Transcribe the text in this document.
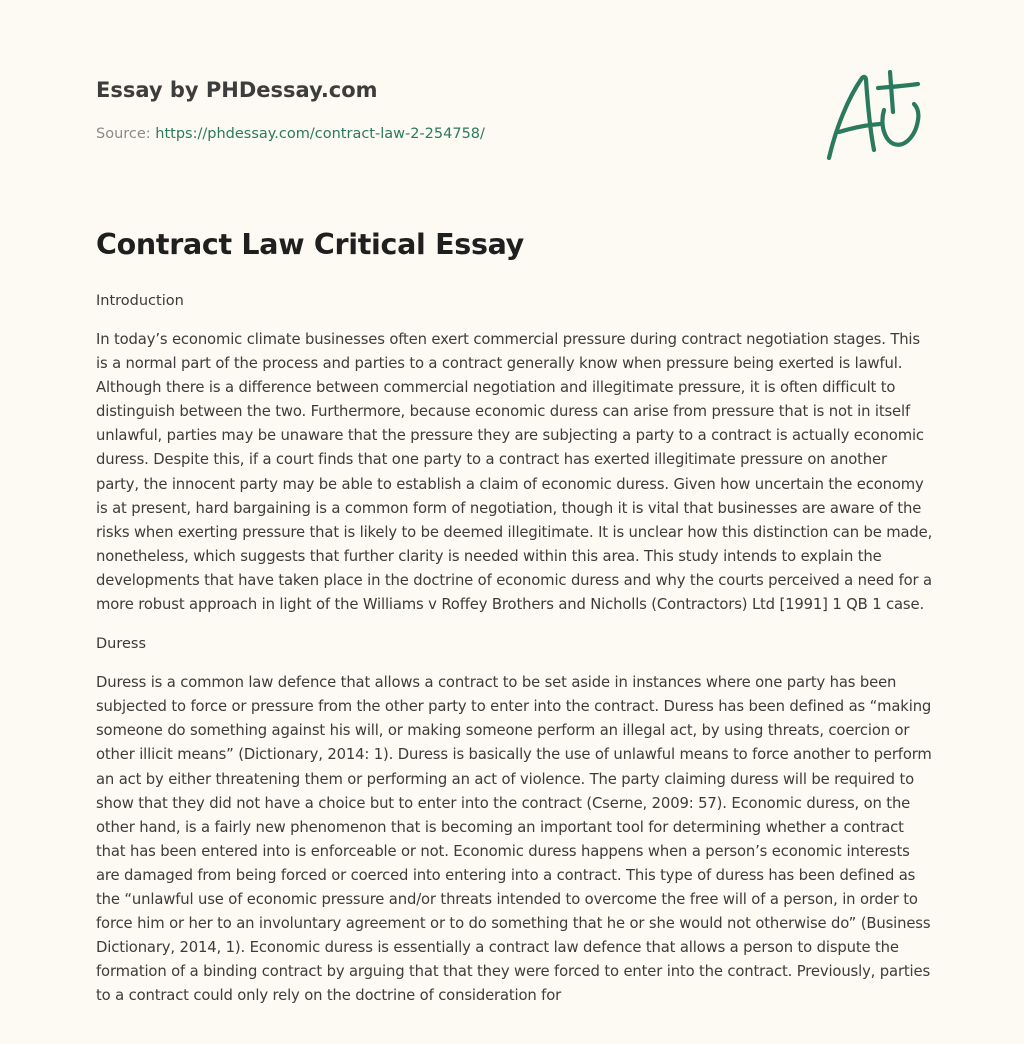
Essay by PHDessay.com
Source: https://phdessay.com/contract-law-2-254758/
Contract Law Critical Essay
Introduction

In today’s economic climate businesses often exert commercial pressure during contract negotiation stages. This is a normal part of the process and parties to a contract generally know when pressure being exerted is lawful. Although there is a difference between commercial negotiation and illegitimate pressure, it is often difficult to distinguish between the two. Furthermore, because economic duress can arise from pressure that is not in itself unlawful, parties may be unaware that the pressure they are subjecting a party to a contract is actually economic duress. Despite this, if a court finds that one party to a contract has exerted illegitimate pressure on another party, the innocent party may be able to establish a claim of economic duress. Given how uncertain the economy is at present, hard bargaining is a common form of negotiation, though it is vital that businesses are aware of the risks when exerting pressure that is likely to be deemed illegitimate. It is unclear how this distinction can be made, nonetheless, which suggests that further clarity is needed within this area. This study intends to explain the developments that have taken place in the doctrine of economic duress and why the courts perceived a need for a more robust approach in light of the Williams v Roffey Brothers and Nicholls (Contractors) Ltd [1991] 1 QB 1 case.

Duress

Duress is a common law defence that allows a contract to be set aside in instances where one party has been subjected to force or pressure from the other party to enter into the contract. Duress has been defined as “making someone do something against his will, or making someone perform an illegal act, by using threats, coercion or other illicit means” (Dictionary, 2014: 1). Duress is basically the use of unlawful means to force another to perform an act by either threatening them or performing an act of violence. The party claiming duress will be required to show that they did not have a choice but to enter into the contract (Cserne, 2009: 57). Economic duress, on the other hand, is a fairly new phenomenon that is becoming an important tool for determining whether a contract that has been entered into is enforceable or not. Economic duress happens when a person’s economic interests are damaged from being forced or coerced into entering into a contract. This type of duress has been defined as the “unlawful use of economic pressure and/or threats intended to overcome the free will of a person, in order to force him or her to an involuntary agreement or to do something that he or she would not otherwise do” (Business Dictionary, 2014, 1). Economic duress is essentially a contract law defence that allows a person to dispute the formation of a binding contract by arguing that that they were forced to enter into the contract. Previously, parties to a contract could only rely on the doctrine of consideration for
